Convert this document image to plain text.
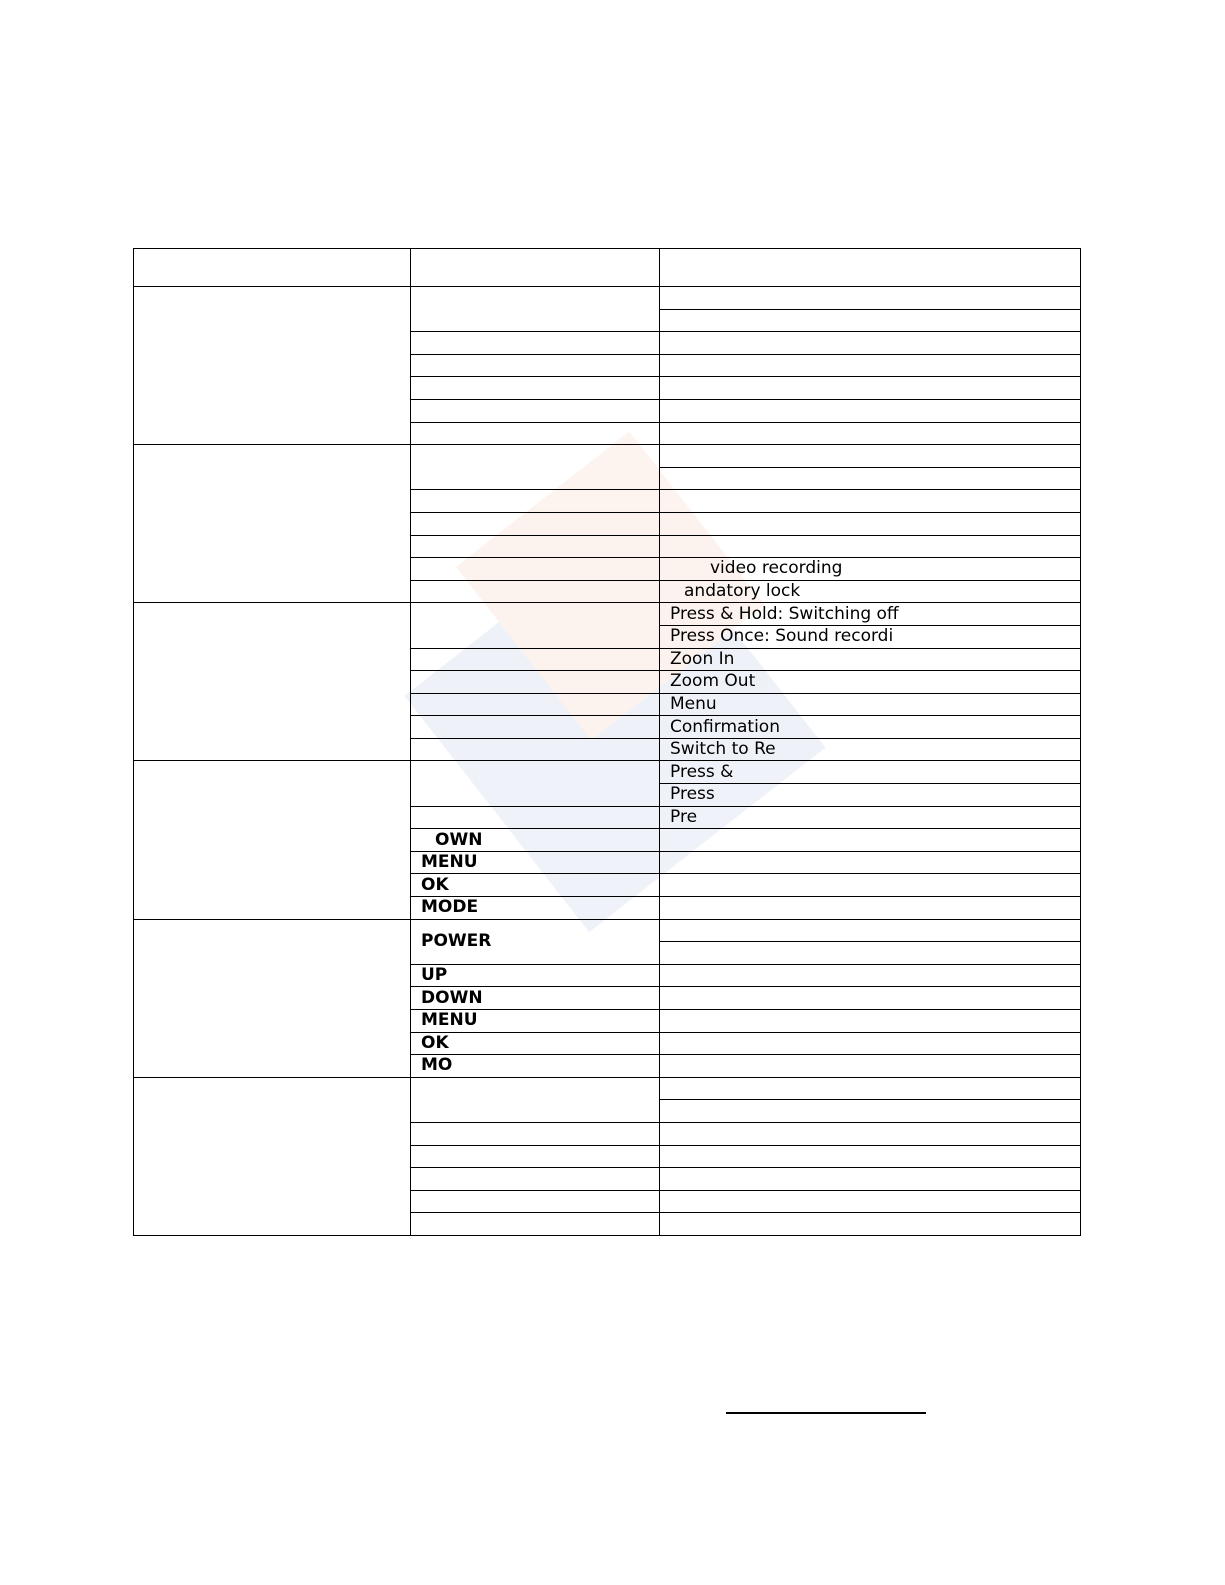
		video recording
		andatory lock
		Press & Hold: Switching off
		Press Once: Sound recordi
		Zoon In
		Zoom Out
		Menu
		Confirmation
		Switch to Re
		Press &
		Press
		Pre
	OWN	
	MENU	
	OK	
	MODE	
	POWER	

	UP	
	DOWN	
	MENU	
	OK	
	MO	
